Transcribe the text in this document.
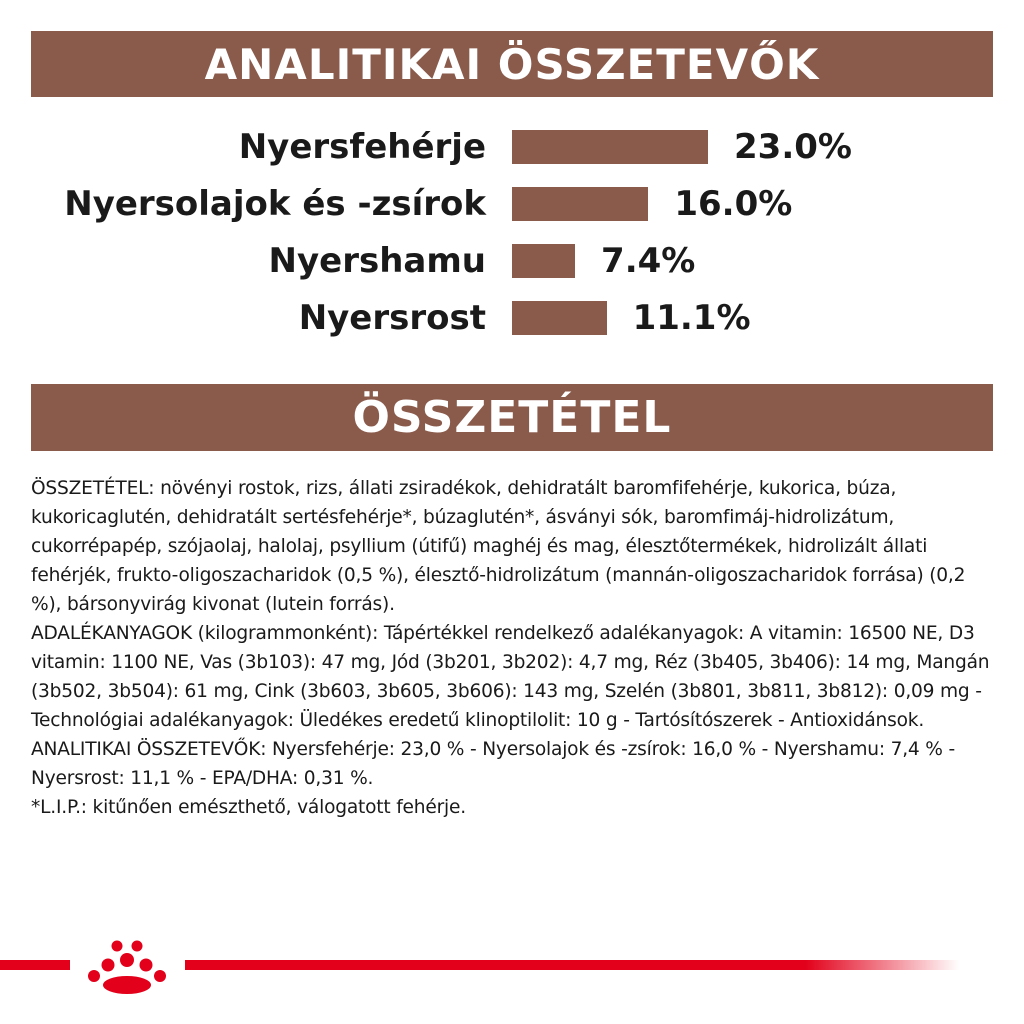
ANALITIKAI ÖSSZETEVŐK
Nyersfehérje	23.0%
Nyersolajok és -zsírok	16.0%
Nyershamu	7.4%
Nyersrost	11.1%
ÖSSZETÉTEL

ÖSSZETÉTEL: növényi rostok, rizs, állati zsiradékok, dehidratált baromfifehérje, kukorica, búza, kukoricaglutén, dehidratált sertésfehérje*, búzaglutén*, ásványi sók, baromfimáj-hidrolizátum, cukorrépapép, szójaolaj, halolaj, psyllium (útifű) maghéj és mag, élesztőtermékek, hidrolizált állati fehérjék, frukto-oligoszacharidok (0,5 %), élesztő-hidrolizátum (mannán-oligoszacharidok forrása) (0,2 %), bársonyvirág kivonat (lutein forrás).

ADALÉKANYAGOK (kilogrammonként): Tápértékkel rendelkező adalékanyagok: A vitamin: 16500 NE, D3 vitamin: 1100 NE, Vas (3b103): 47 mg, Jód (3b201, 3b202): 4,7 mg, Réz (3b405, 3b406): 14 mg, Mangán (3b502, 3b504): 61 mg, Cink (3b603, 3b605, 3b606): 143 mg, Szelén (3b801, 3b811, 3b812): 0,09 mg - Technológiai adalékanyagok: Üledékes eredetű klinoptilolit: 10 g - Tartósítószerek - Antioxidánsok.

ANALITIKAI ÖSSZETEVŐK: Nyersfehérje: 23,0 % - Nyersolajok és -zsírok: 16,0 % - Nyershamu: 7,4 % - Nyersrost: 11,1 % - EPA/DHA: 0,31 %.

*L.I.P.: kitűnően emészthető, válogatott fehérje.
